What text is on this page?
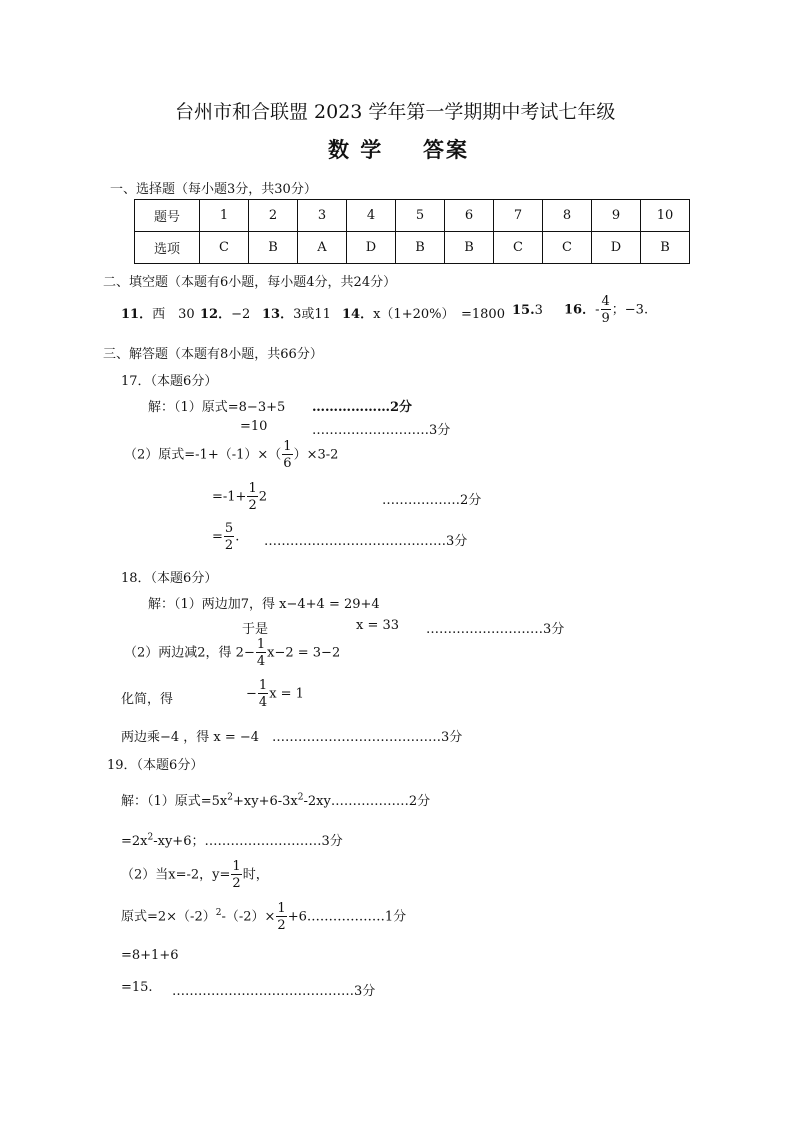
台州市和合联盟 2023 学年第一学期期中考试七年级
数 学 答案
一、选择题（每小题3分，共30分）
题号	1	2	3	4	5	6	7	8	9	10
选项	C	B	A	D	B	B	C	C	D	B
二、填空题（本题有6小题，每小题4分，共24分）
11．西　30 12．−2 13．3或11 14．x（1+20%）　=1800 15.3 16．- $\frac{4}{9}$ ；−3.
三、解答题（本题有8小题，共66分）
17．（本题6分）
解：（1）原式=8−3+5 ………………2分
=10	………………………3分
（2）原式$=-1+(-1)\times( \frac{1}{6} )\times 3-2$
$=-1+ \frac{1}{2} 2$	………………2分
= $\frac{5}{2}$ . ……………………………………3分
18．（本题6分）
解：（1）两边加7，得 x−4+4 = 29+4
于是	x = 33 ………………………3分
（2）两边减2，得 $2- \frac{1}{4} x-2 = 3-2$
化简，得	− $\frac{1}{4}$ x = 1
两边乘−4 ，得 x = −4 …………………………………3分
19．（本题6分）
解：（1）原式$=5x^2+xy+6-3x^2-2xy\dots\dots\dots\dots\dots\dots 2$分
$=2x^2-xy+6$；………………………3分
（2）当x=-2，$y= \frac{1}{2}$ 时，
原式$=2\times(-2)^2-(-2)\times \frac{1}{2}$ +6………………1分
=8+1+6
=15. ……………………………………3分
